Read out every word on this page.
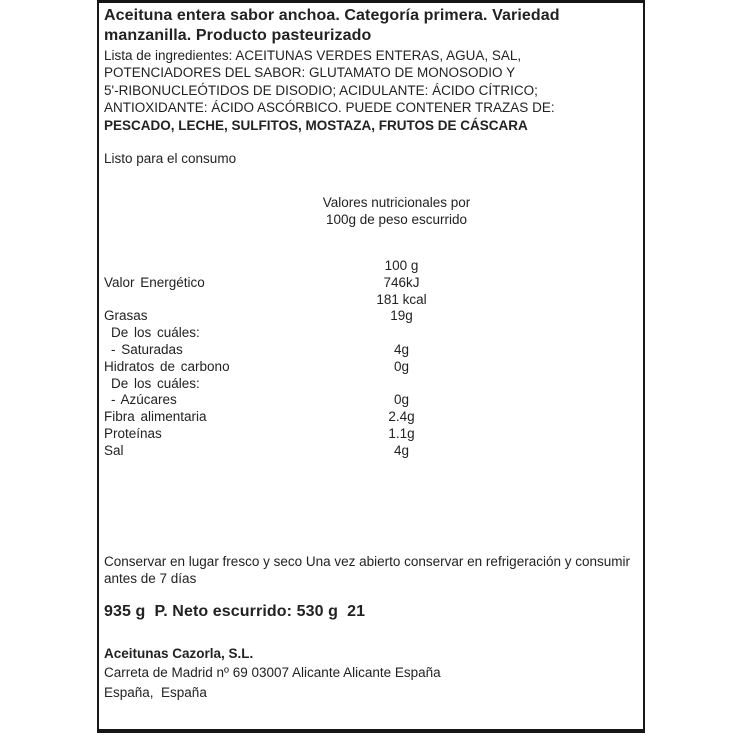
Aceituna entera sabor anchoa. Categoría primera. Variedad manzanilla. Producto pasteurizado
Lista de ingredientes: ACEITUNAS VERDES ENTERAS, AGUA, SAL,
POTENCIADORES DEL SABOR: GLUTAMATO DE MONOSODIO Y
5'-RIBONUCLEÓTIDOS DE DISODIO; ACIDULANTE: ÁCIDO CÍTRICO;
ANTIOXIDANTE: ÁCIDO ASCÓRBICO. PUEDE CONTENER TRAZAS DE:
PESCADO, LECHE, SULFITOS, MOSTAZA, FRUTOS DE CÁSCARA
Listo para el consumo
Valores nutricionales por
100g de peso escurrido
100 g
Valor Energético	746kJ
181 kcal
Grasas	19g
De los cuáles:
- Saturadas	4g
Hidratos de carbono	0g
De los cuáles:
- Azúcares	0g
Fibra alimentaria	2.4g
Proteínas	1.1g
Sal	4g
Conservar en lugar fresco y seco Una vez abierto conservar en refrigeración y consumir antes de 7 días
935 g  P. Neto escurrido: 530 g  21
Aceitunas Cazorla, S.L.
Carreta de Madrid nº 69 03007 Alicante Alicante España
España,  España
